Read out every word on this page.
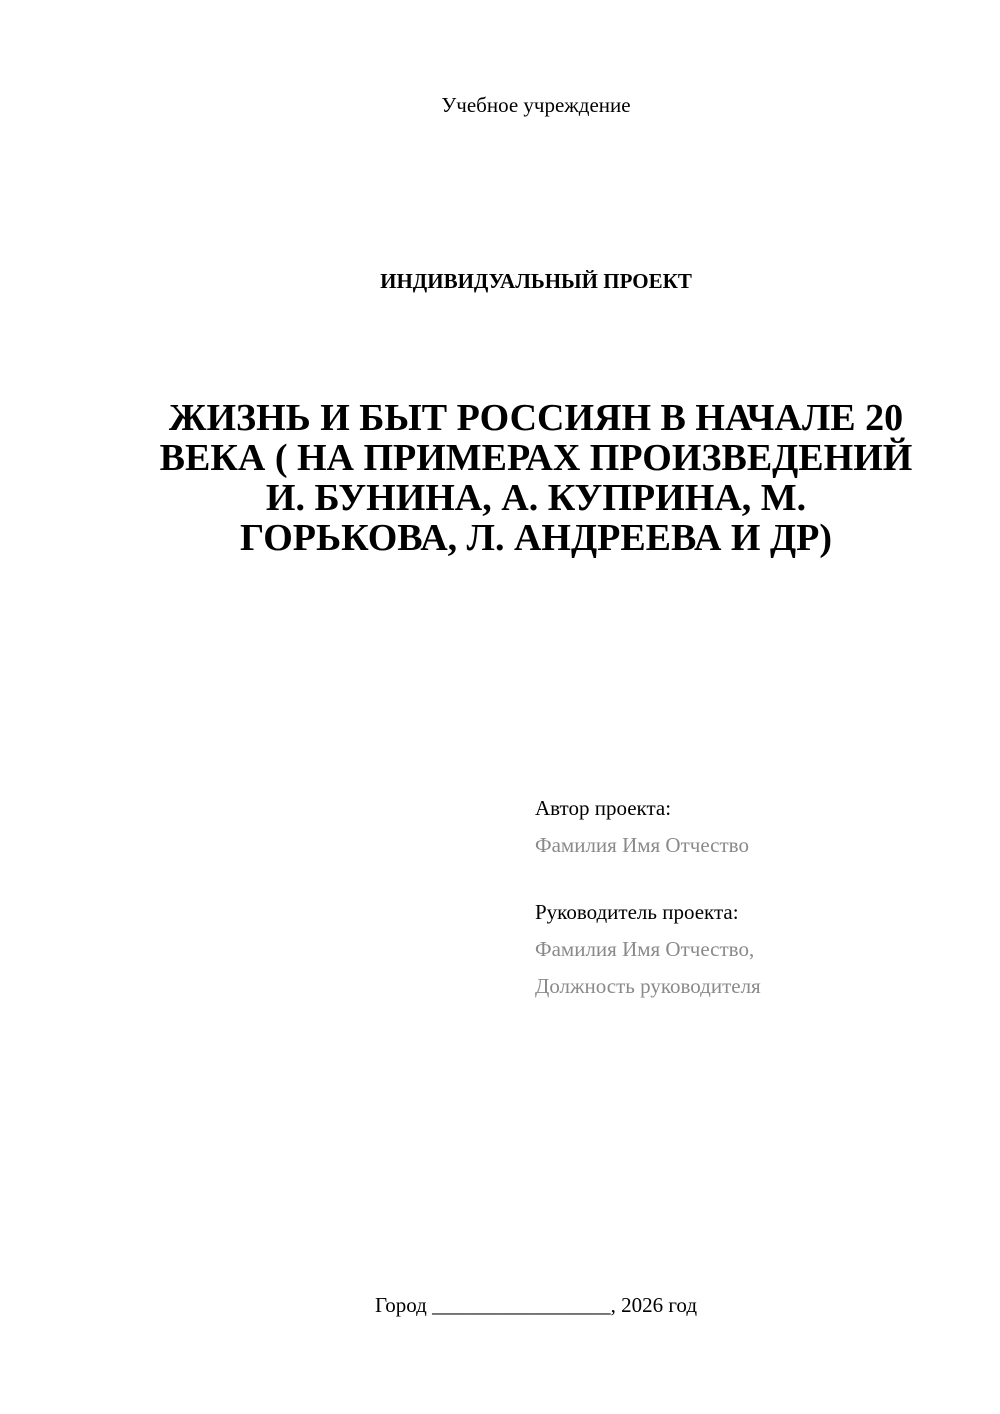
Учебное учреждение
ИНДИВИДУАЛЬНЫЙ ПРОЕКТ
ЖИЗНЬ И БЫТ РОССИЯН В НАЧАЛЕ 20
ВЕКА ( НА ПРИМЕРАХ ПРОИЗВЕДЕНИЙ
И. БУНИНА, А. КУПРИНА, М.
ГОРЬКОВА, Л. АНДРЕЕВА И ДР)
Автор проекта:
Фамилия Имя Отчество
Руководитель проекта:
Фамилия Имя Отчество,
Должность руководителя
Город _________________, 2026 год
